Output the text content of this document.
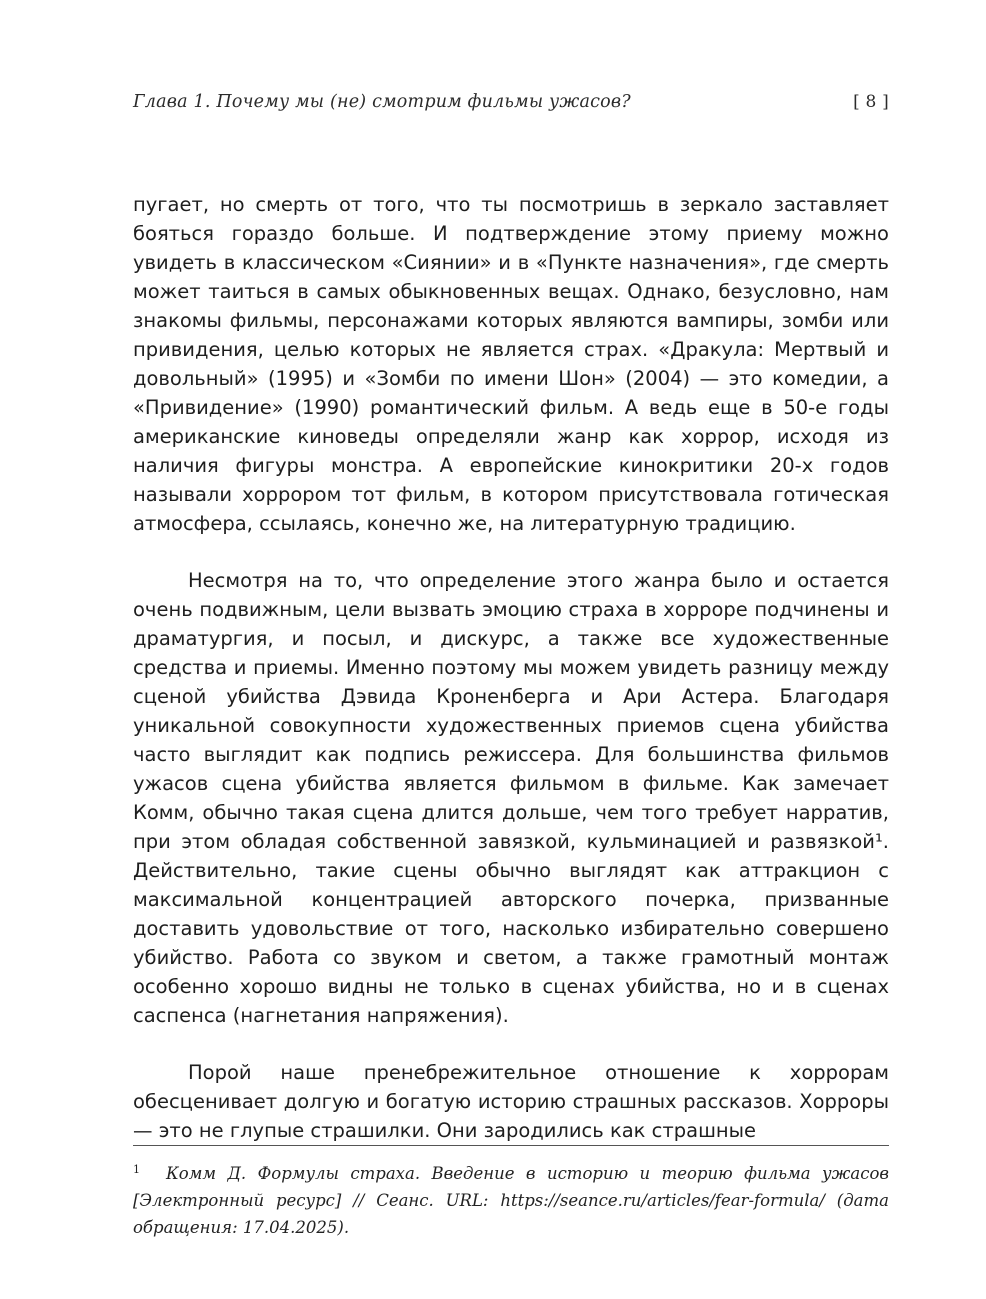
Глава 1. Почему мы (не) смотрим фильмы ужасов?	[ 8 ]

пугает, но смерть от того, что ты посмотришь в зеркало заставляет бояться гораздо больше. И подтверждение этому приему можно увидеть в классическом «Сиянии» и в «Пункте назначения», где смерть может таиться в самых обыкновенных вещах. Однако, безусловно, нам знакомы фильмы, персонажами которых являются вампиры, зомби или привидения, целью которых не является страх. «Дракула: Мертвый и довольный» (1995) и «Зомби по имени Шон» (2004) — это комедии, а «Привидение» (1990) романтический фильм. А ведь еще в 50-е годы американские киноведы определяли жанр как хоррор, исходя из наличия фигуры монстра. А европейские кинокритики 20-х годов называли хоррором тот фильм, в котором присутствовала готическая атмосфера, ссылаясь, конечно же, на литературную традицию.

Несмотря на то, что определение этого жанра было и остается очень подвижным, цели вызвать эмоцию страха в хорроре подчинены и драматургия, и посыл, и дискурс, а также все художественные средства и приемы. Именно поэтому мы можем увидеть разницу между сценой убийства Дэвида Кроненберга и Ари Астера. Благодаря уникальной совокупности художественных приемов сцена убийства часто выглядит как подпись режиссера. Для большинства фильмов ужасов сцена убийства является фильмом в фильме. Как замечает Комм, обычно такая сцена длится дольше, чем того требует нарратив, при этом обладая собственной завязкой, кульминацией и развязкой¹. Действительно, такие сцены обычно выглядят как аттракцион с максимальной концентрацией авторского почерка, призванные доставить удовольствие от того, насколько избирательно совершено убийство. Работа со звуком и светом, а также грамотный монтаж особенно хорошо видны не только в сценах убийства, но и в сценах саспенса (нагнетания напряжения).

Порой наше пренебрежительное отношение к хоррорам обесценивает долгую и богатую историю страшных рассказов. Хорроры — это не глупые страшилки. Они зародились как страшные

$^1$ Комм Д. Формулы страха. Введение в историю и теорию фильма ужасов [Электронный ресурс] // Сеанс. URL: https://seance.ru/articles/fear-formula/ (дата обращения: 17.04.2025).
